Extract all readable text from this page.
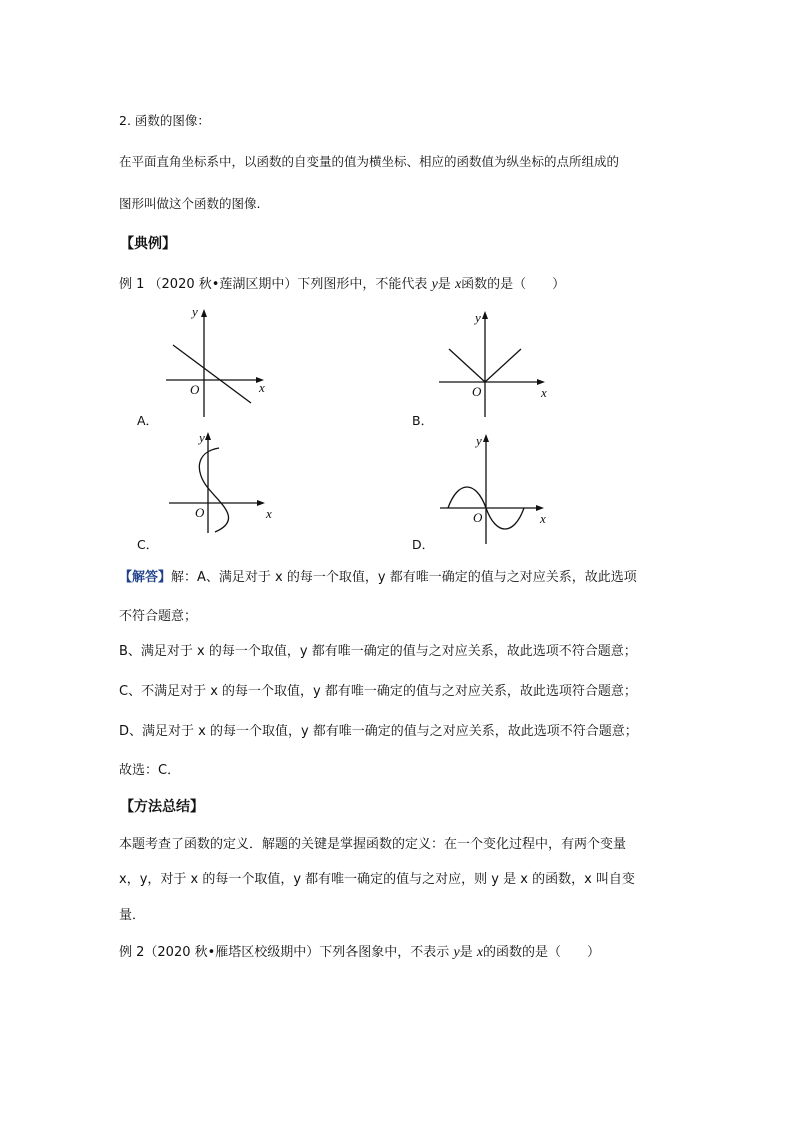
2. 函数的图像：
在平面直角坐标系中，以函数的自变量的值为横坐标、相应的函数值为纵坐标的点所组成的
图形叫做这个函数的图像.
【典例】
例 1 （2020 秋•莲湖区期中）下列图形中，不能代表 y是 x函数的是（　　）
y
x
O
A．
y
x
O
B．
y
x
O
C．
y
x
O
D．
【解答】解：A、满足对于 x 的每一个取值，y 都有唯一确定的值与之对应关系，故此选项
不符合题意；
B、满足对于 x 的每一个取值，y 都有唯一确定的值与之对应关系，故此选项不符合题意；
C、不满足对于 x 的每一个取值，y 都有唯一确定的值与之对应关系，故此选项符合题意；
D、满足对于 x 的每一个取值，y 都有唯一确定的值与之对应关系，故此选项不符合题意；
故选：C．
【方法总结】
本题考查了函数的定义．解题的关键是掌握函数的定义：在一个变化过程中，有两个变量
x，y，对于 x 的每一个取值，y 都有唯一确定的值与之对应，则 y 是 x 的函数，x 叫自变
量．
例 2（2020 秋•雁塔区校级期中）下列各图象中，不表示 y是 x的函数的是（　　）
